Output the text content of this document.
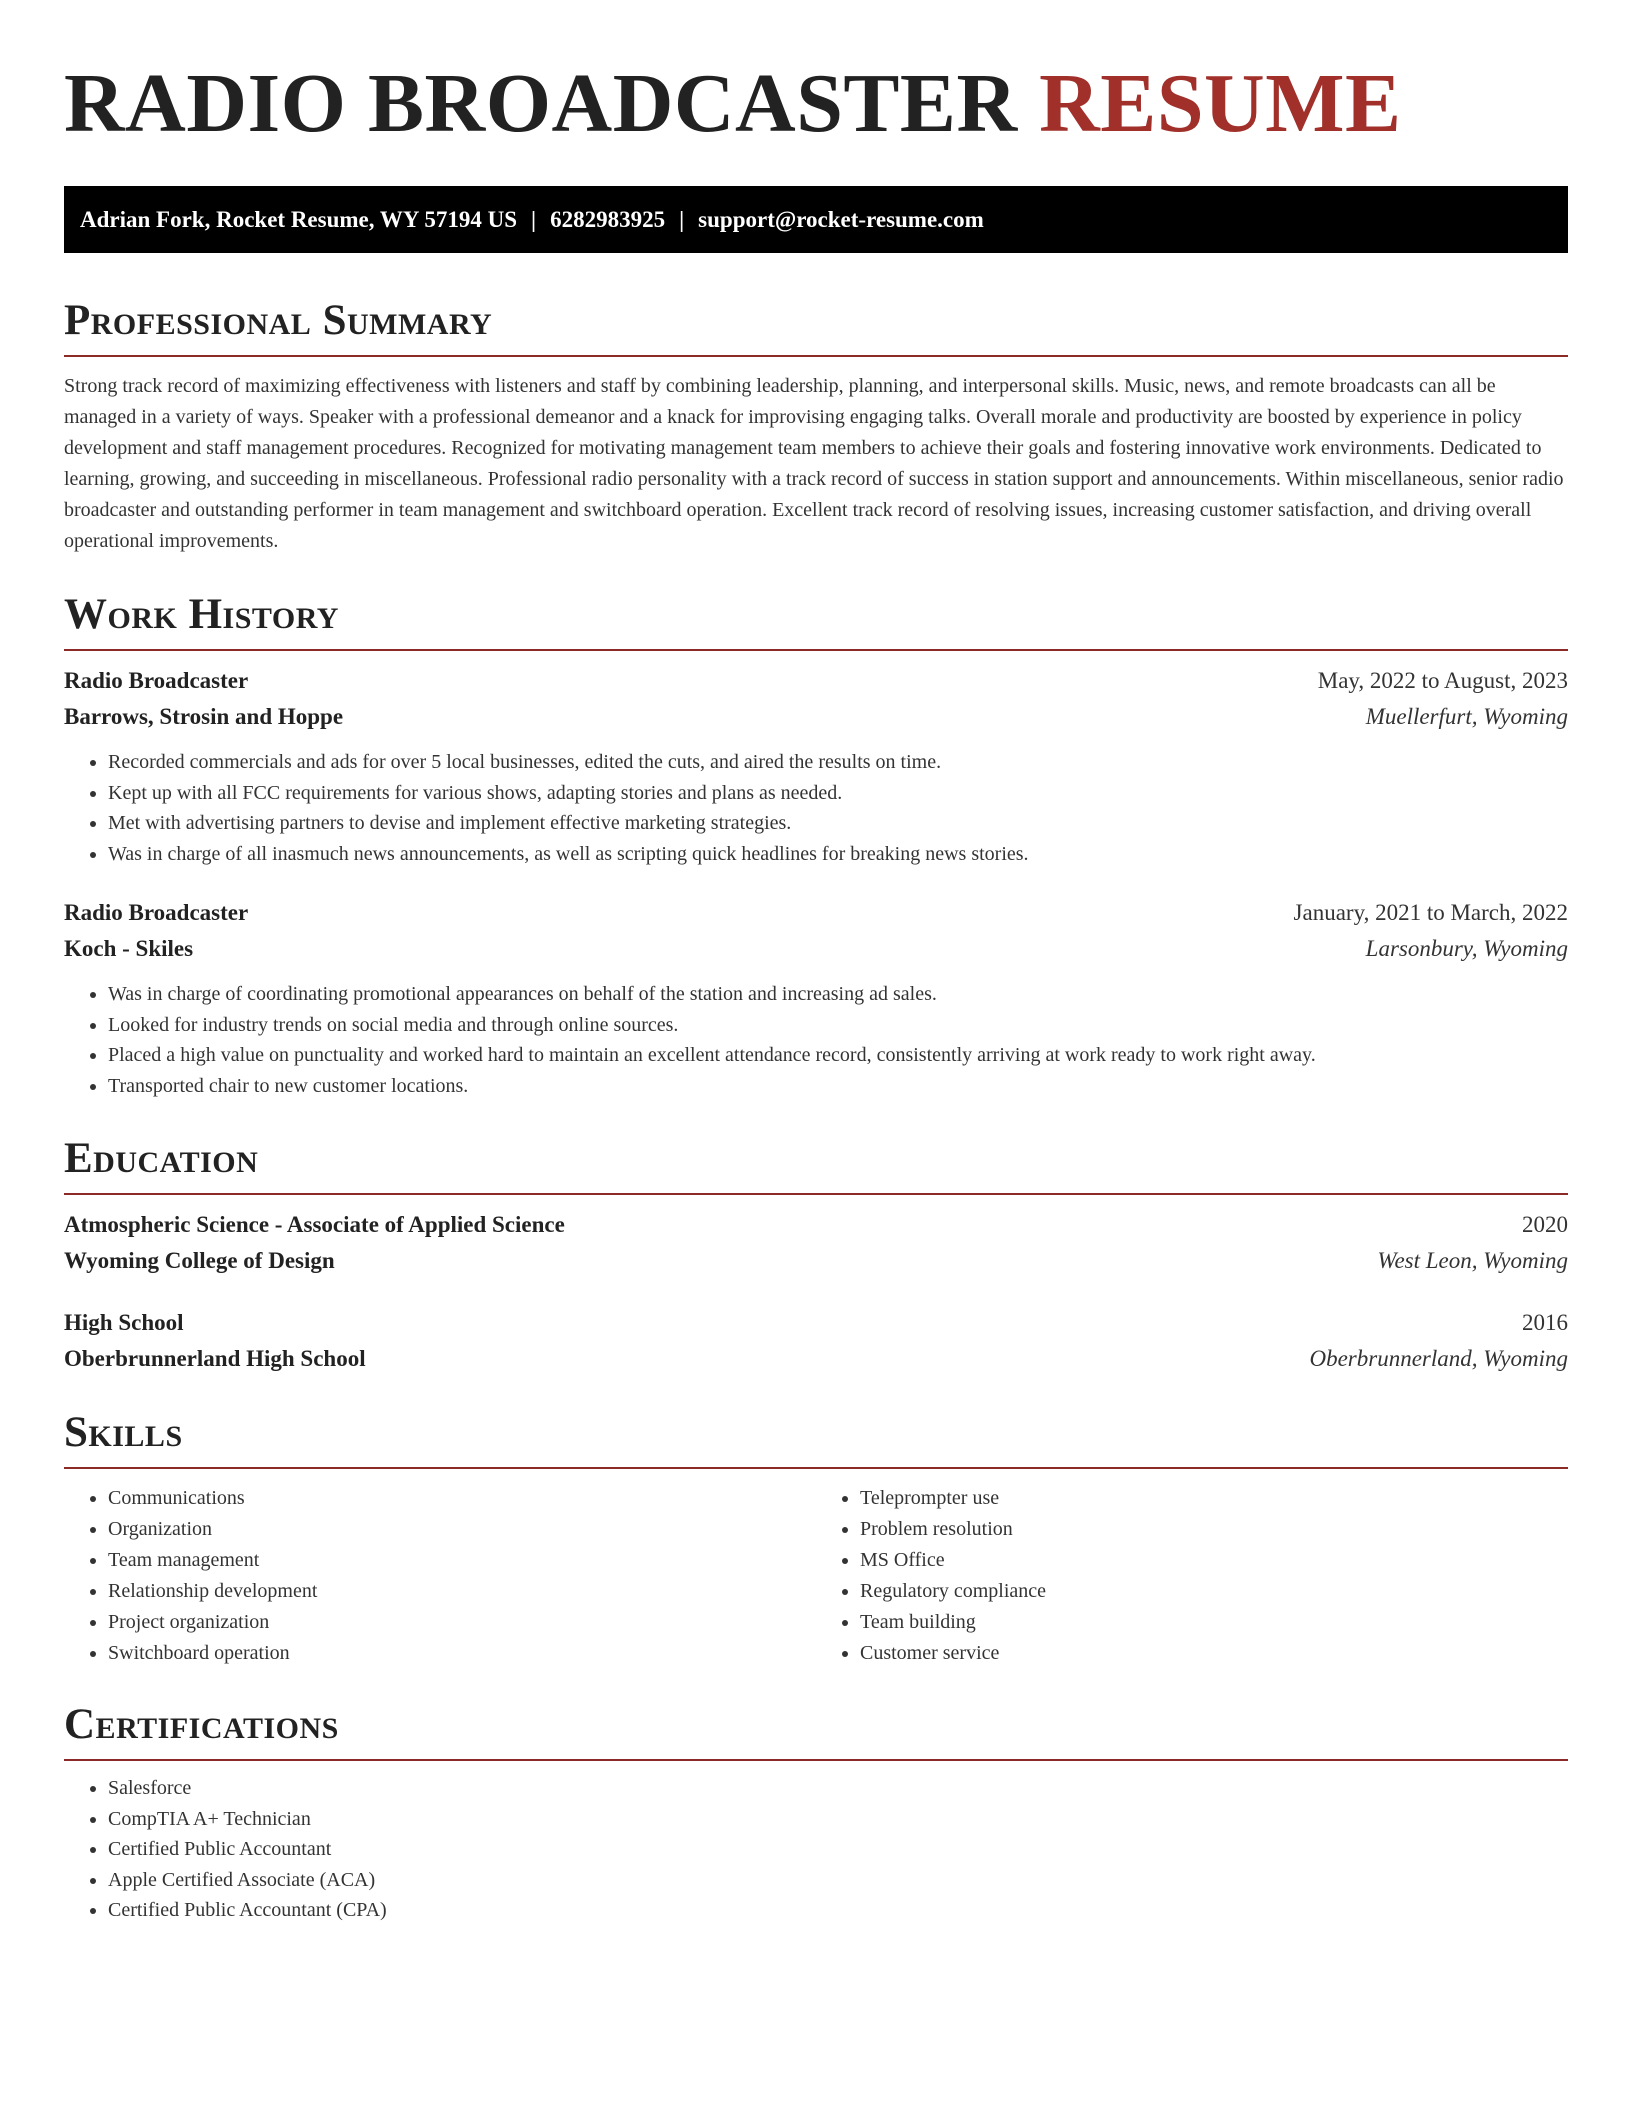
RADIO BROADCASTER RESUME
Adrian Fork, Rocket Resume, WY 57194 US | 6282983925 | support@rocket-resume.com
Professional Summary

Strong track record of maximizing effectiveness with listeners and staff by combining leadership, planning, and interpersonal skills. Music, news, and remote broadcasts can all be managed in a variety of ways. Speaker with a professional demeanor and a knack for improvising engaging talks. Overall morale and productivity are boosted by experience in policy development and staff management procedures. Recognized for motivating management team members to achieve their goals and fostering innovative work environments. Dedicated to learning, growing, and succeeding in miscellaneous. Professional radio personality with a track record of success in station support and announcements. Within miscellaneous, senior radio broadcaster and outstanding performer in team management and switchboard operation. Excellent track record of resolving issues, increasing customer satisfaction, and driving overall operational improvements.

Work History
Radio Broadcaster	May, 2022 to August, 2023
Barrows, Strosin and Hoppe	Muellerfurt, Wyoming
• Recorded commercials and ads for over 5 local businesses, edited the cuts, and aired the results on time.
• Kept up with all FCC requirements for various shows, adapting stories and plans as needed.
• Met with advertising partners to devise and implement effective marketing strategies.
• Was in charge of all inasmuch news announcements, as well as scripting quick headlines for breaking news stories.
Radio Broadcaster	January, 2021 to March, 2022
Koch - Skiles	Larsonbury, Wyoming
• Was in charge of coordinating promotional appearances on behalf of the station and increasing ad sales.
• Looked for industry trends on social media and through online sources.
• Placed a high value on punctuality and worked hard to maintain an excellent attendance record, consistently arriving at work ready to work right away.
• Transported chair to new customer locations.
Education
Atmospheric Science - Associate of Applied Science	2020
Wyoming College of Design	West Leon, Wyoming
High School	2016
Oberbrunnerland High School	Oberbrunnerland, Wyoming
Skills
• Communications
• Organization
• Team management
• Relationship development
• Project organization
• Switchboard operation
• Teleprompter use
• Problem resolution
• MS Office
• Regulatory compliance
• Team building
• Customer service
Certifications
• Salesforce
• CompTIA A+ Technician
• Certified Public Accountant
• Apple Certified Associate (ACA)
• Certified Public Accountant (CPA)
